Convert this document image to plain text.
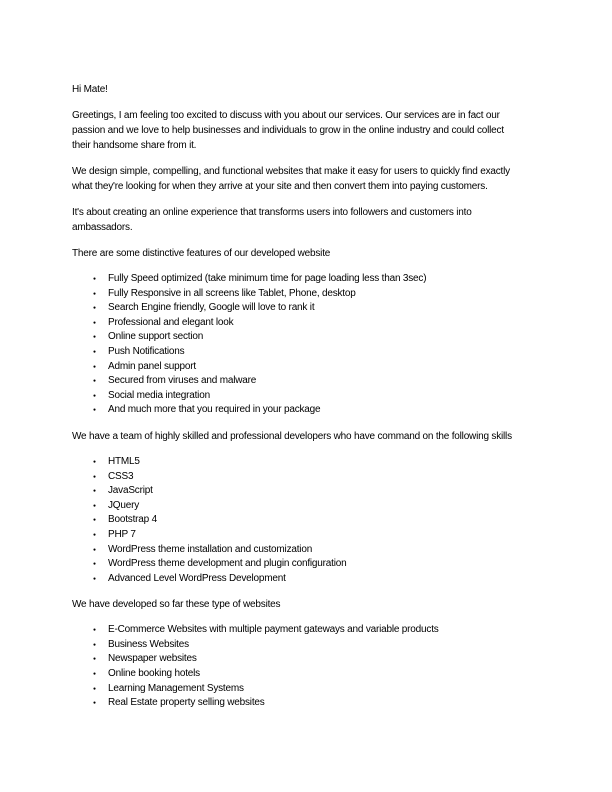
Hi Mate!

Greetings, I am feeling too excited to discuss with you about our services. Our services are in fact our
passion and we love to help businesses and individuals to grow in the online industry and could collect
their handsome share from it.

We design simple, compelling, and functional websites that make it easy for users to quickly find exactly
what they're looking for when they arrive at your site and then convert them into paying customers.

It's about creating an online experience that transforms users into followers and customers into
ambassadors.

There are some distinctive features of our developed website

● Fully Speed optimized (take minimum time for page loading less than 3sec)
● Fully Responsive in all screens like Tablet, Phone, desktop
● Search Engine friendly, Google will love to rank it
● Professional and elegant look
● Online support section
● Push Notifications
● Admin panel support
● Secured from viruses and malware
● Social media integration
● And much more that you required in your package

We have a team of highly skilled and professional developers who have command on the following skills

● HTML5
● CSS3
● JavaScript
● JQuery
● Bootstrap 4
● PHP 7
● WordPress theme installation and customization
● WordPress theme development and plugin configuration
● Advanced Level WordPress Development

We have developed so far these type of websites

● E-Commerce Websites with multiple payment gateways and variable products
● Business Websites
● Newspaper websites
● Online booking hotels
● Learning Management Systems
● Real Estate property selling websites
